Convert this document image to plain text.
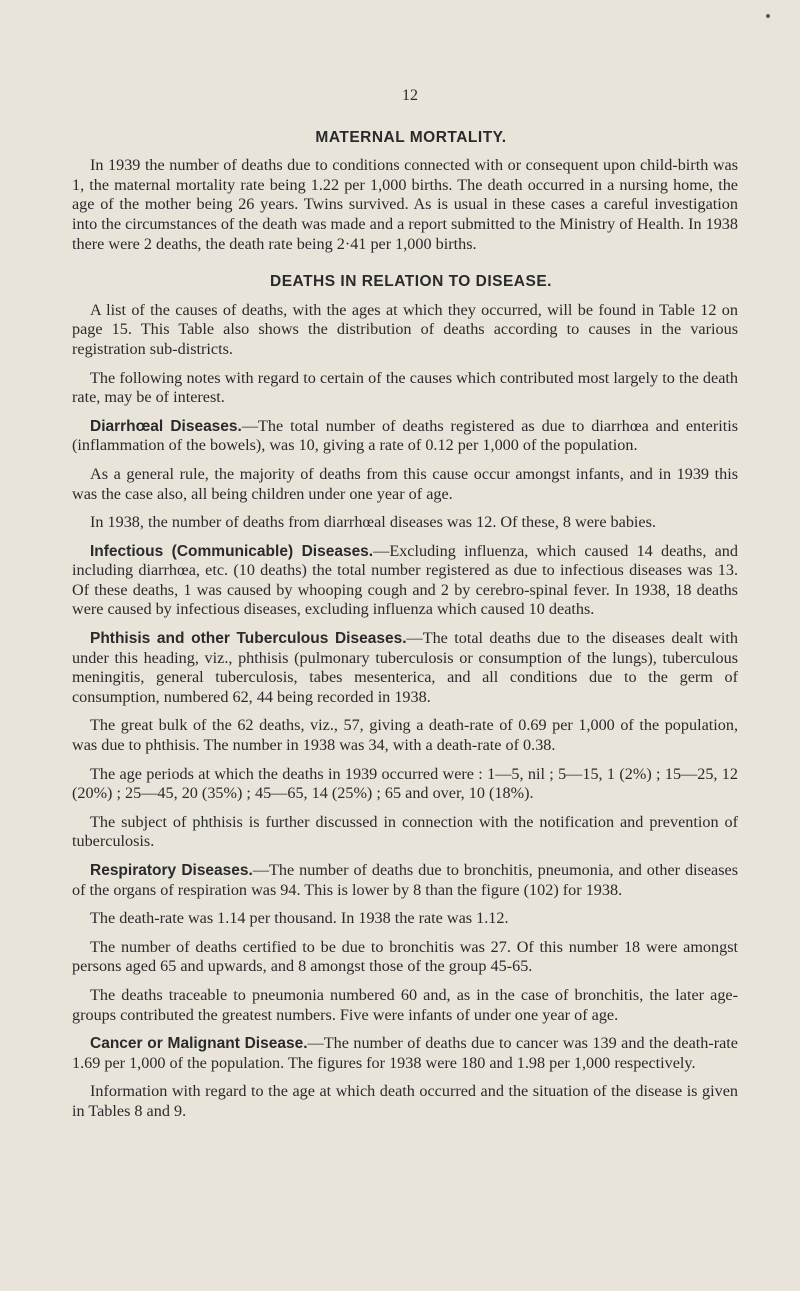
12
MATERNAL MORTALITY.

In 1939 the number of deaths due to conditions connected with or consequent upon child-birth was 1, the maternal mortality rate being 1.22 per 1,000 births. The death occurred in a nursing home, the age of the mother being 26 years. Twins survived. As is usual in these cases a careful investigation into the circumstances of the death was made and a report submitted to the Ministry of Health. In 1938 there were 2 deaths, the death rate being 2·41 per 1,000 births.

DEATHS IN RELATION TO DISEASE.

A list of the causes of deaths, with the ages at which they occurred, will be found in Table 12 on page 15. This Table also shows the distribution of deaths according to causes in the various registration sub-districts.

The following notes with regard to certain of the causes which contributed most largely to the death rate, may be of interest.

Diarrhœal Diseases.—The total number of deaths registered as due to diarrhœa and enteritis (inflammation of the bowels), was 10, giving a rate of 0.12 per 1,000 of the population.

As a general rule, the majority of deaths from this cause occur amongst infants, and in 1939 this was the case also, all being children under one year of age.

In 1938, the number of deaths from diarrhœal diseases was 12. Of these, 8 were babies.

Infectious (Communicable) Diseases.—Excluding influenza, which caused 14 deaths, and including diarrhœa, etc. (10 deaths) the total number registered as due to infectious diseases was 13. Of these deaths, 1 was caused by whooping cough and 2 by cerebro-spinal fever. In 1938, 18 deaths were caused by infectious diseases, excluding influenza which caused 10 deaths.

Phthisis and other Tuberculous Diseases.—The total deaths due to the diseases dealt with under this heading, viz., phthisis (pulmonary tuberculosis or consumption of the lungs), tuberculous meningitis, general tuberculosis, tabes mesenterica, and all conditions due to the germ of consumption, numbered 62, 44 being recorded in 1938.

The great bulk of the 62 deaths, viz., 57, giving a death-rate of 0.69 per 1,000 of the population, was due to phthisis. The number in 1938 was 34, with a death-rate of 0.38.

The age periods at which the deaths in 1939 occurred were : 1—5, nil ; 5—15, 1 (2%) ; 15—25, 12 (20%) ; 25—45, 20 (35%) ; 45—65, 14 (25%) ; 65 and over, 10 (18%).

The subject of phthisis is further discussed in connection with the notification and prevention of tuberculosis.

Respiratory Diseases.—The number of deaths due to bronchitis, pneumonia, and other diseases of the organs of respiration was 94. This is lower by 8 than the figure (102) for 1938.

The death-rate was 1.14 per thousand. In 1938 the rate was 1.12.

The number of deaths certified to be due to bronchitis was 27. Of this number 18 were amongst persons aged 65 and upwards, and 8 amongst those of the group 45-65.

The deaths traceable to pneumonia numbered 60 and, as in the case of bronchitis, the later age-groups contributed the greatest numbers. Five were infants of under one year of age.

Cancer or Malignant Disease.—The number of deaths due to cancer was 139 and the death-rate 1.69 per 1,000 of the population. The figures for 1938 were 180 and 1.98 per 1,000 respectively.

Information with regard to the age at which death occurred and the situation of the disease is given in Tables 8 and 9.
